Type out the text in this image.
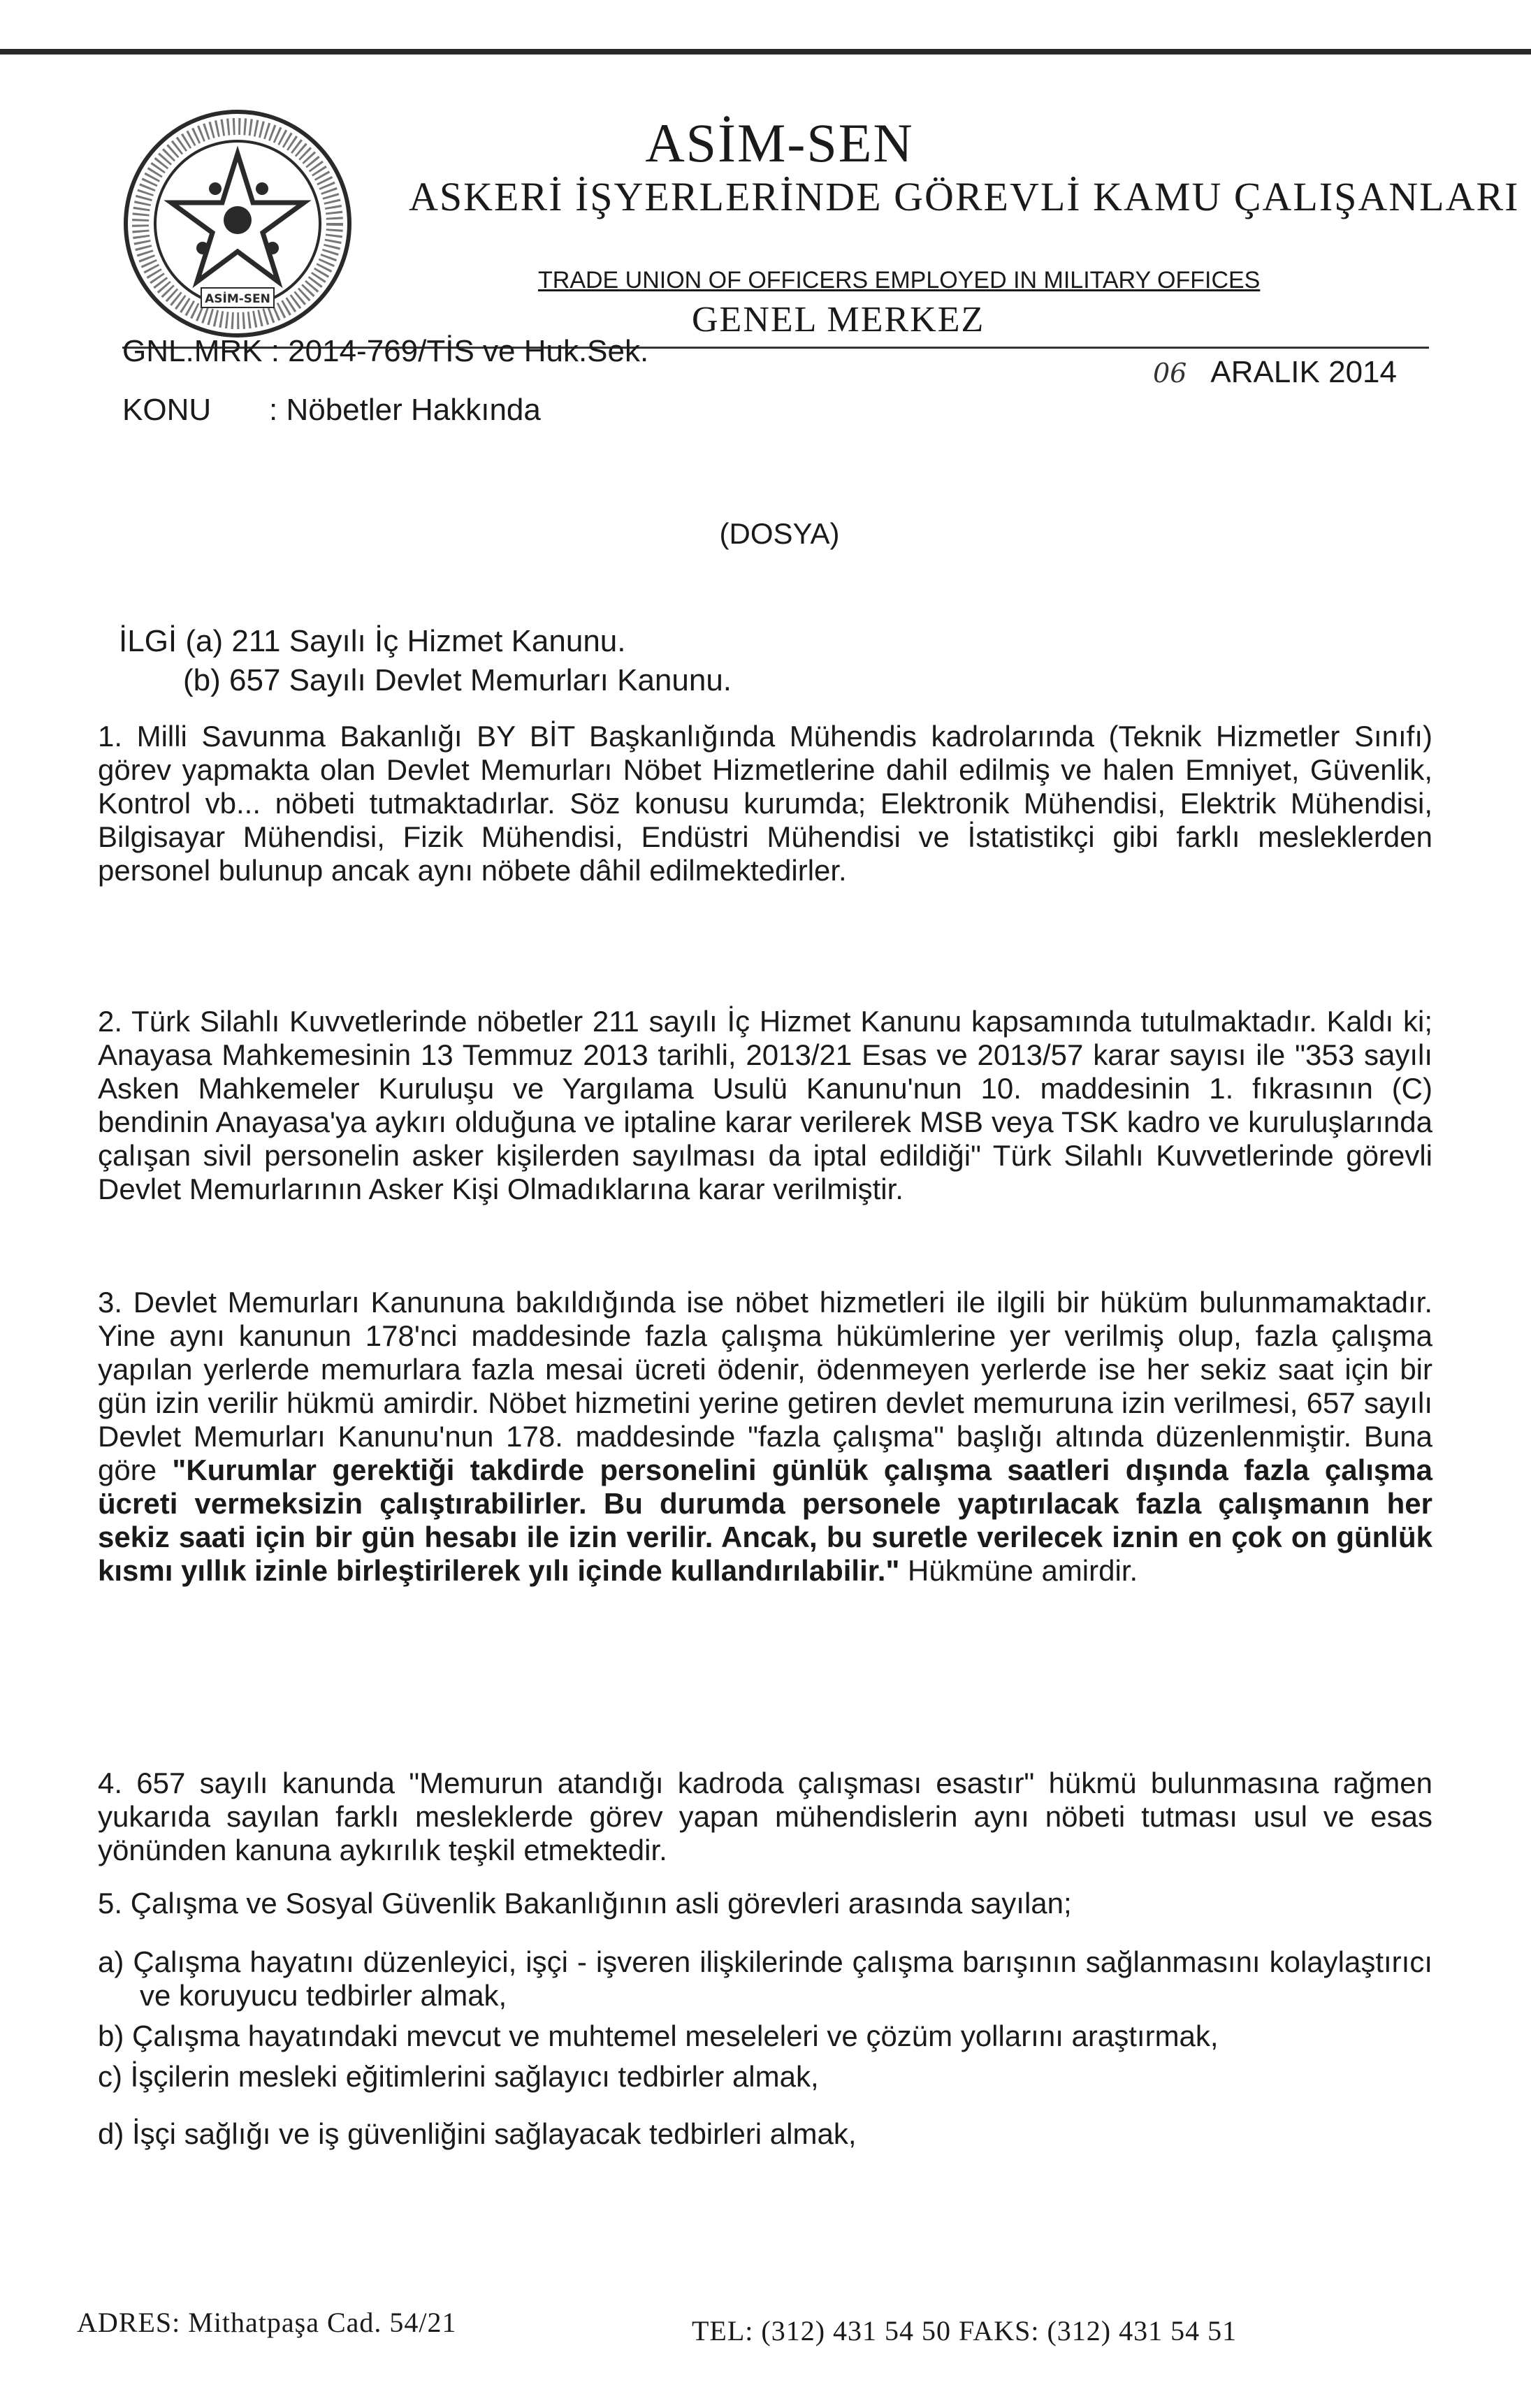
ASİM-SEN
ASİM-SEN
ASKERİ İŞYERLERİNDE GÖREVLİ KAMU ÇALIŞANLARI
TRADE UNION OF OFFICERS EMPLOYED IN MILITARY OFFICES
GENEL MERKEZ
GNL.MRK : 2014-769/TİS ve Huk.Sek.
06 ARALIK 2014
KONU : Nöbetler Hakkında
(DOSYA)
İLGİ (a) 211 Sayılı İç Hizmet Kanunu.
(b) 657 Sayılı Devlet Memurları Kanunu.

1. Milli Savunma Bakanlığı BY BİT Başkanlığında Mühendis kadrolarında (Teknik Hizmetler Sınıfı) görev yapmakta olan Devlet Memurları Nöbet Hizmetlerine dahil edilmiş ve halen Emniyet, Güvenlik, Kontrol vb... nöbeti tutmaktadırlar. Söz konusu kurumda; Elektronik Mühendisi, Elektrik Mühendisi, Bilgisayar Mühendisi, Fizik Mühendisi, Endüstri Mühendisi ve İstatistikçi gibi farklı mesleklerden personel bulunup ancak aynı nöbete dâhil edilmektedirler.

2. Türk Silahlı Kuvvetlerinde nöbetler 211 sayılı İç Hizmet Kanunu kapsamında tutulmaktadır. Kaldı ki; Anayasa Mahkemesinin 13 Temmuz 2013 tarihli, 2013/21 Esas ve 2013/57 karar sayısı ile "353 sayılı Asken Mahkemeler Kuruluşu ve Yargılama Usulü Kanunu'nun 10. maddesinin 1. fıkrasının (C) bendinin Anayasa'ya aykırı olduğuna ve iptaline karar verilerek MSB veya TSK kadro ve kuruluşlarında çalışan sivil personelin asker kişilerden sayılması da iptal edildiği" Türk Silahlı Kuvvetlerinde görevli Devlet Memurlarının Asker Kişi Olmadıklarına karar verilmiştir.

3. Devlet Memurları Kanununa bakıldığında ise nöbet hizmetleri ile ilgili bir hüküm bulunmamaktadır. Yine aynı kanunun 178'nci maddesinde fazla çalışma hükümlerine yer verilmiş olup, fazla çalışma yapılan yerlerde memurlara fazla mesai ücreti ödenir, ödenmeyen yerlerde ise her sekiz saat için bir gün izin verilir hükmü amirdir. Nöbet hizmetini yerine getiren devlet memuruna izin verilmesi, 657 sayılı Devlet Memurları Kanunu'nun 178. maddesinde "fazla çalışma" başlığı altında düzenlenmiştir. Buna göre "Kurumlar gerektiği takdirde personelini günlük çalışma saatleri dışında fazla çalışma ücreti vermeksizin çalıştırabilirler. Bu durumda personele yaptırılacak fazla çalışmanın her sekiz saati için bir gün hesabı ile izin verilir. Ancak, bu suretle verilecek iznin en çok on günlük kısmı yıllık izinle birleştirilerek yılı içinde kullandırılabilir." Hükmüne amirdir.

4. 657 sayılı kanunda "Memurun atandığı kadroda çalışması esastır" hükmü bulunmasına rağmen yukarıda sayılan farklı mesleklerde görev yapan mühendislerin aynı nöbeti tutması usul ve esas yönünden kanuna aykırılık teşkil etmektedir.

5. Çalışma ve Sosyal Güvenlik Bakanlığının asli görevleri arasında sayılan;

a) Çalışma hayatını düzenleyici, işçi - işveren ilişkilerinde çalışma barışının sağlanmasını kolaylaştırıcı ve koruyucu tedbirler almak,

b) Çalışma hayatındaki mevcut ve muhtemel meseleleri ve çözüm yollarını araştırmak,

c) İşçilerin mesleki eğitimlerini sağlayıcı tedbirler almak,

d) İşçi sağlığı ve iş güvenliğini sağlayacak tedbirleri almak,

ADRES: Mithatpaşa Cad. 54/21	TEL: (312) 431 54 50 FAKS: (312) 431 54 51
